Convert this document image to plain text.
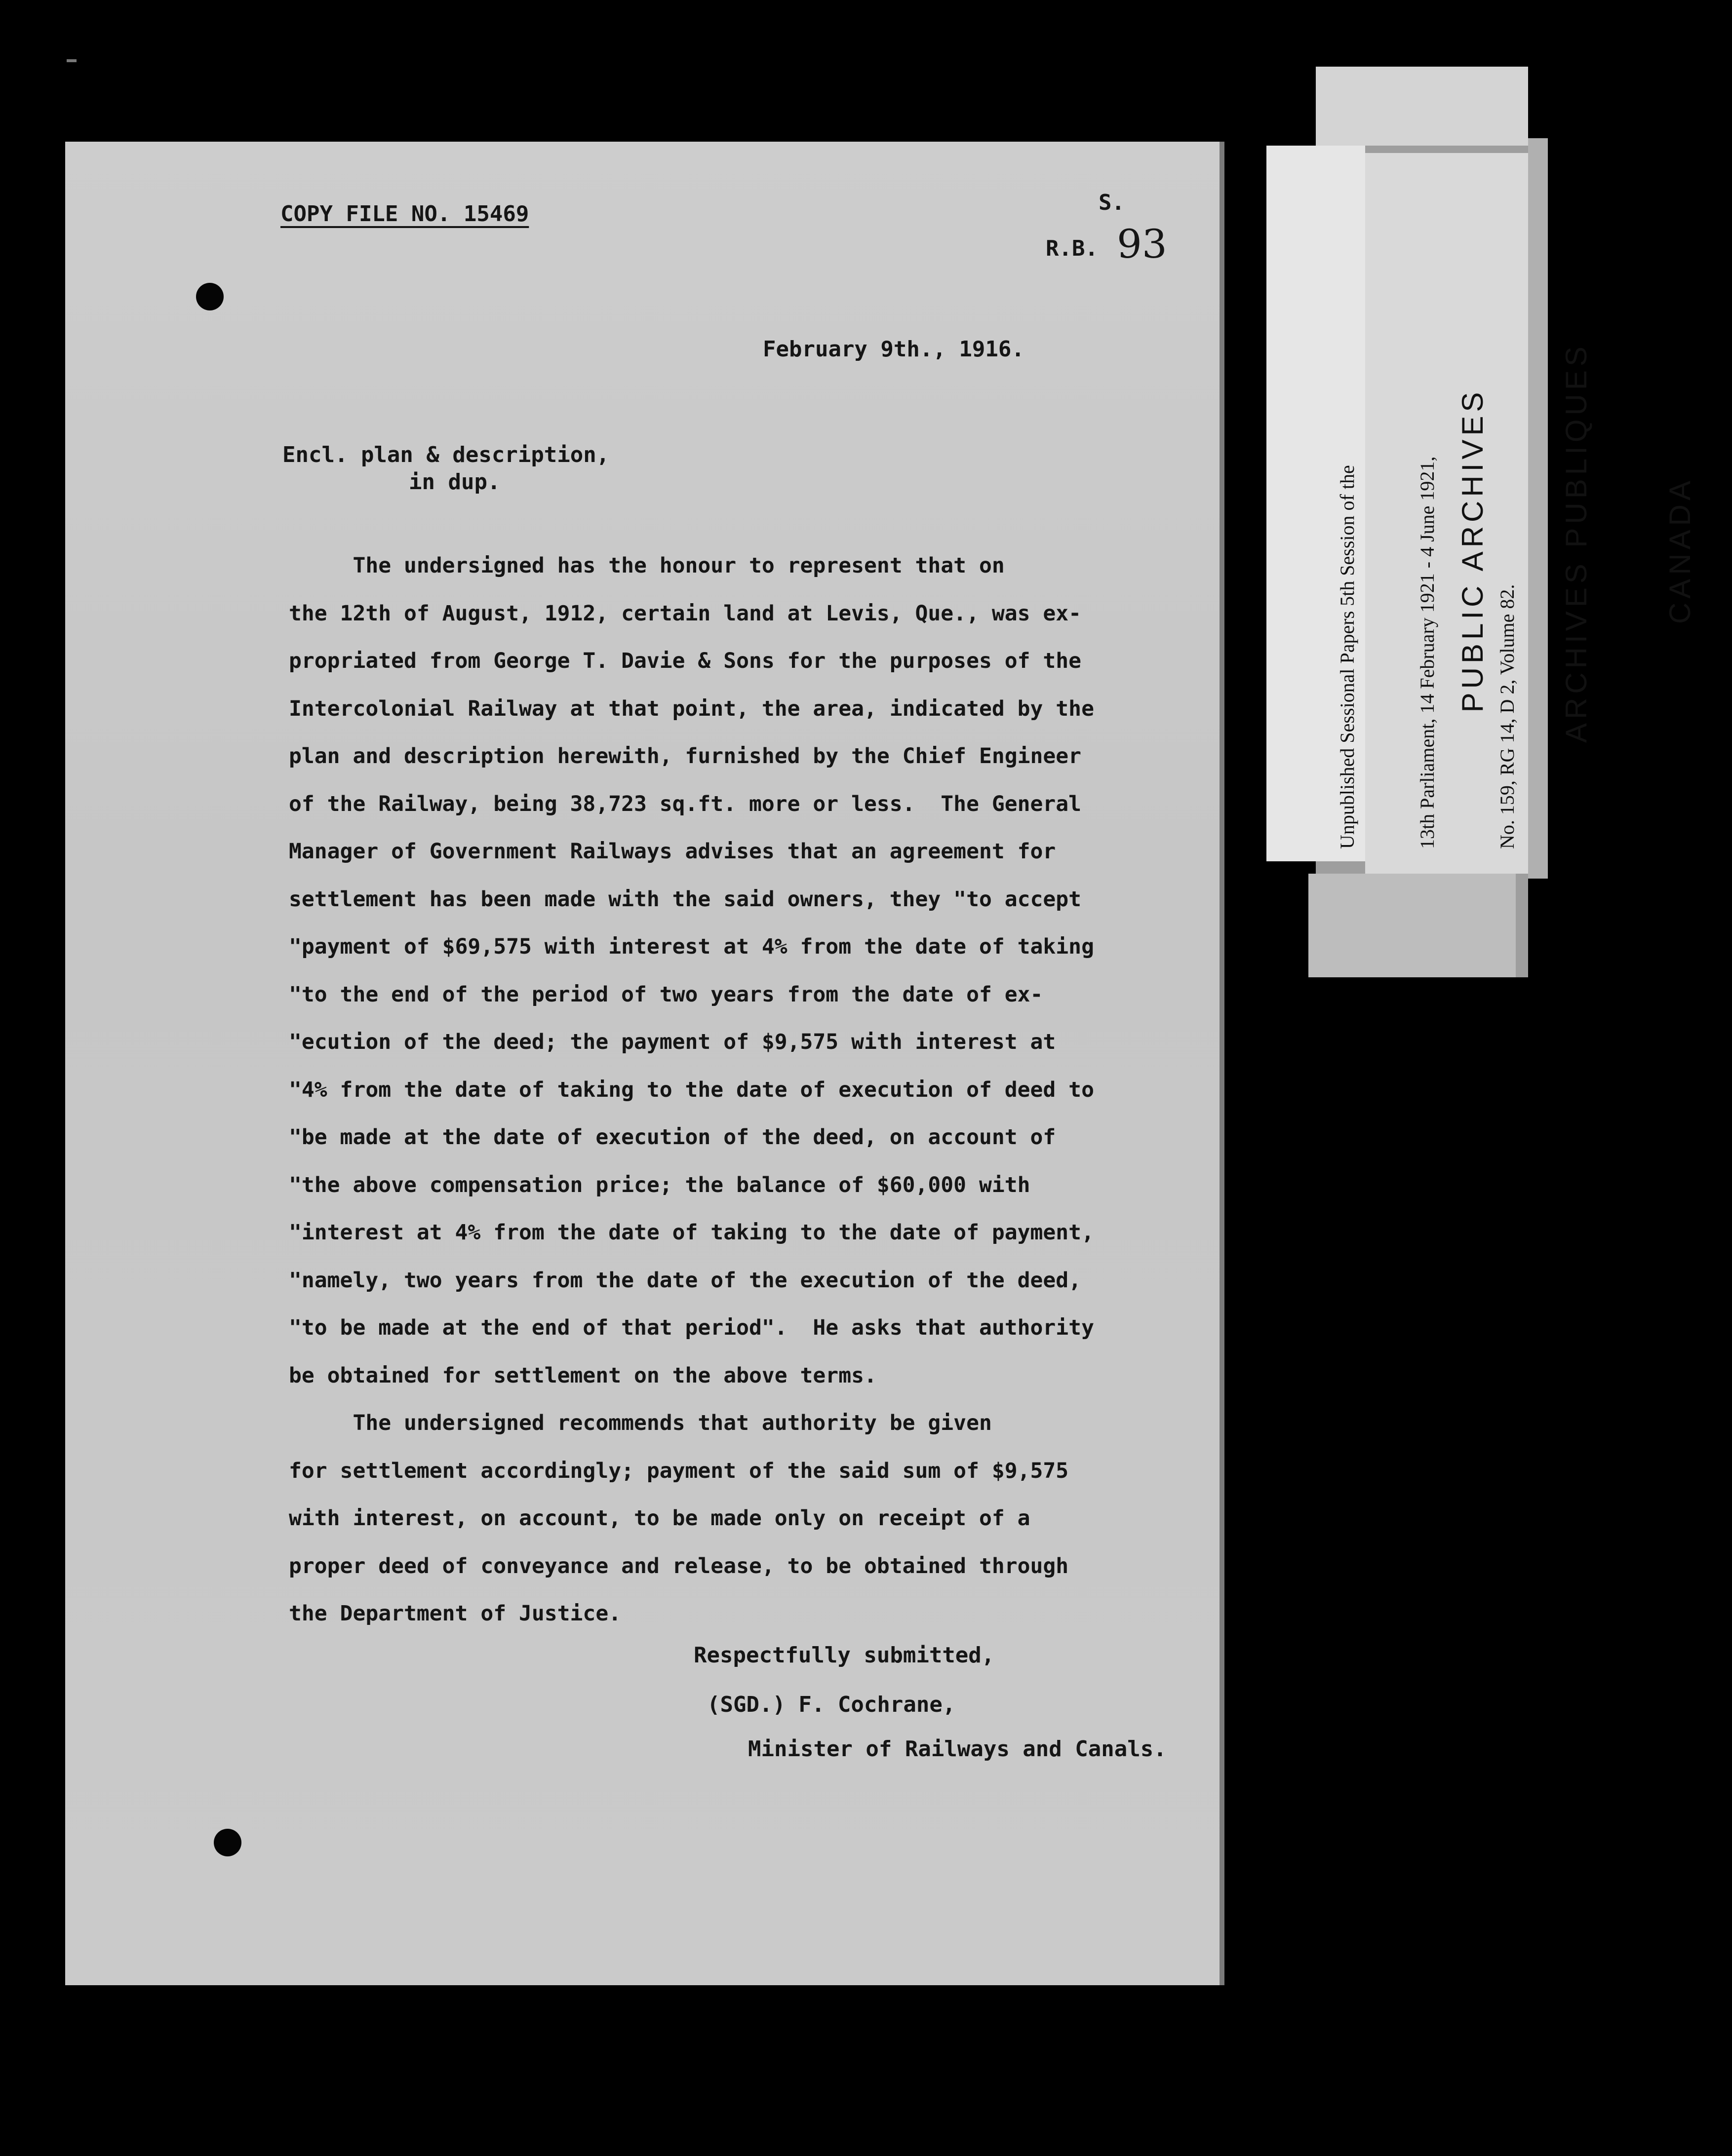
COPY FILE NO. 15469	S.
R.B. 93
February 9th., 1916.
Encl. plan & description,
in dup.
The undersigned has the honour to represent that on
the 12th of August, 1912, certain land at Levis, Que., was ex-
propriated from George T. Davie & Sons for the purposes of the
Intercolonial Railway at that point, the area, indicated by the
plan and description herewith, furnished by the Chief Engineer
of the Railway, being 38,723 sq.ft. more or less.  The General
Manager of Government Railways advises that an agreement for
settlement has been made with the said owners, they "to accept
"payment of $69,575 with interest at 4% from the date of taking
"to the end of the period of two years from the date of ex-
"ecution of the deed; the payment of $9,575 with interest at
"4% from the date of taking to the date of execution of deed to
"be made at the date of execution of the deed, on account of
"the above compensation price; the balance of $60,000 with
"interest at 4% from the date of taking to the date of payment,
"namely, two years from the date of the execution of the deed,
"to be made at the end of that period".  He asks that authority
be obtained for settlement on the above terms.
The undersigned recommends that authority be given
for settlement accordingly; payment of the said sum of $9,575
with interest, on account, to be made only on receipt of a
proper deed of conveyance and release, to be obtained through
the Department of Justice.
Respectfully submitted,
(SGD.) F. Cochrane,
Minister of Railways and Canals.

Unpublished Sessional Papers 5th Session of the

	13th Parliament, 14 February 1921 - 4 June 1921,

	No. 159, RG 14, D 2, Volume 82.

PUBLIC ARCHIVES

ARCHIVES PUBLIQUES

CANADA
